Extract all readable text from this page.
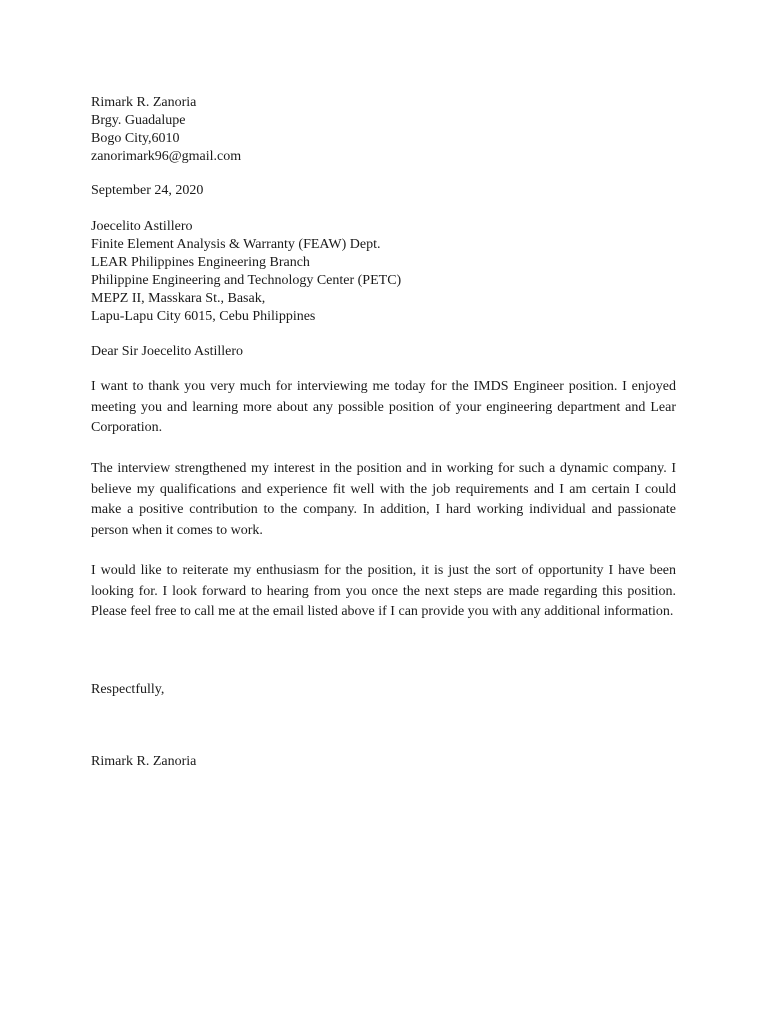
Rimark R. Zanoria
Brgy. Guadalupe
Bogo City,6010
zanorimark96@gmail.com
September 24, 2020
Joecelito Astillero
Finite Element Analysis & Warranty (FEAW) Dept.
LEAR Philippines Engineering Branch
Philippine Engineering and Technology Center (PETC)
MEPZ II, Masskara St., Basak,
Lapu-Lapu City 6015, Cebu Philippines
Dear Sir Joecelito Astillero
I want to thank you very much for interviewing me today for the IMDS Engineer position. I enjoyed meeting you and learning more about any possible position of your engineering department and Lear Corporation.
The interview strengthened my interest in the position and in working for such a dynamic company. I believe my qualifications and experience fit well with the job requirements and I am certain I could make a positive contribution to the company. In addition, I hard working individual and passionate person when it comes to work.
I would like to reiterate my enthusiasm for the position, it is just the sort of opportunity I have been looking for. I look forward to hearing from you once the next steps are made regarding this position. Please feel free to call me at the email listed above if I can provide you with any additional information.
Respectfully,
Rimark R. Zanoria
